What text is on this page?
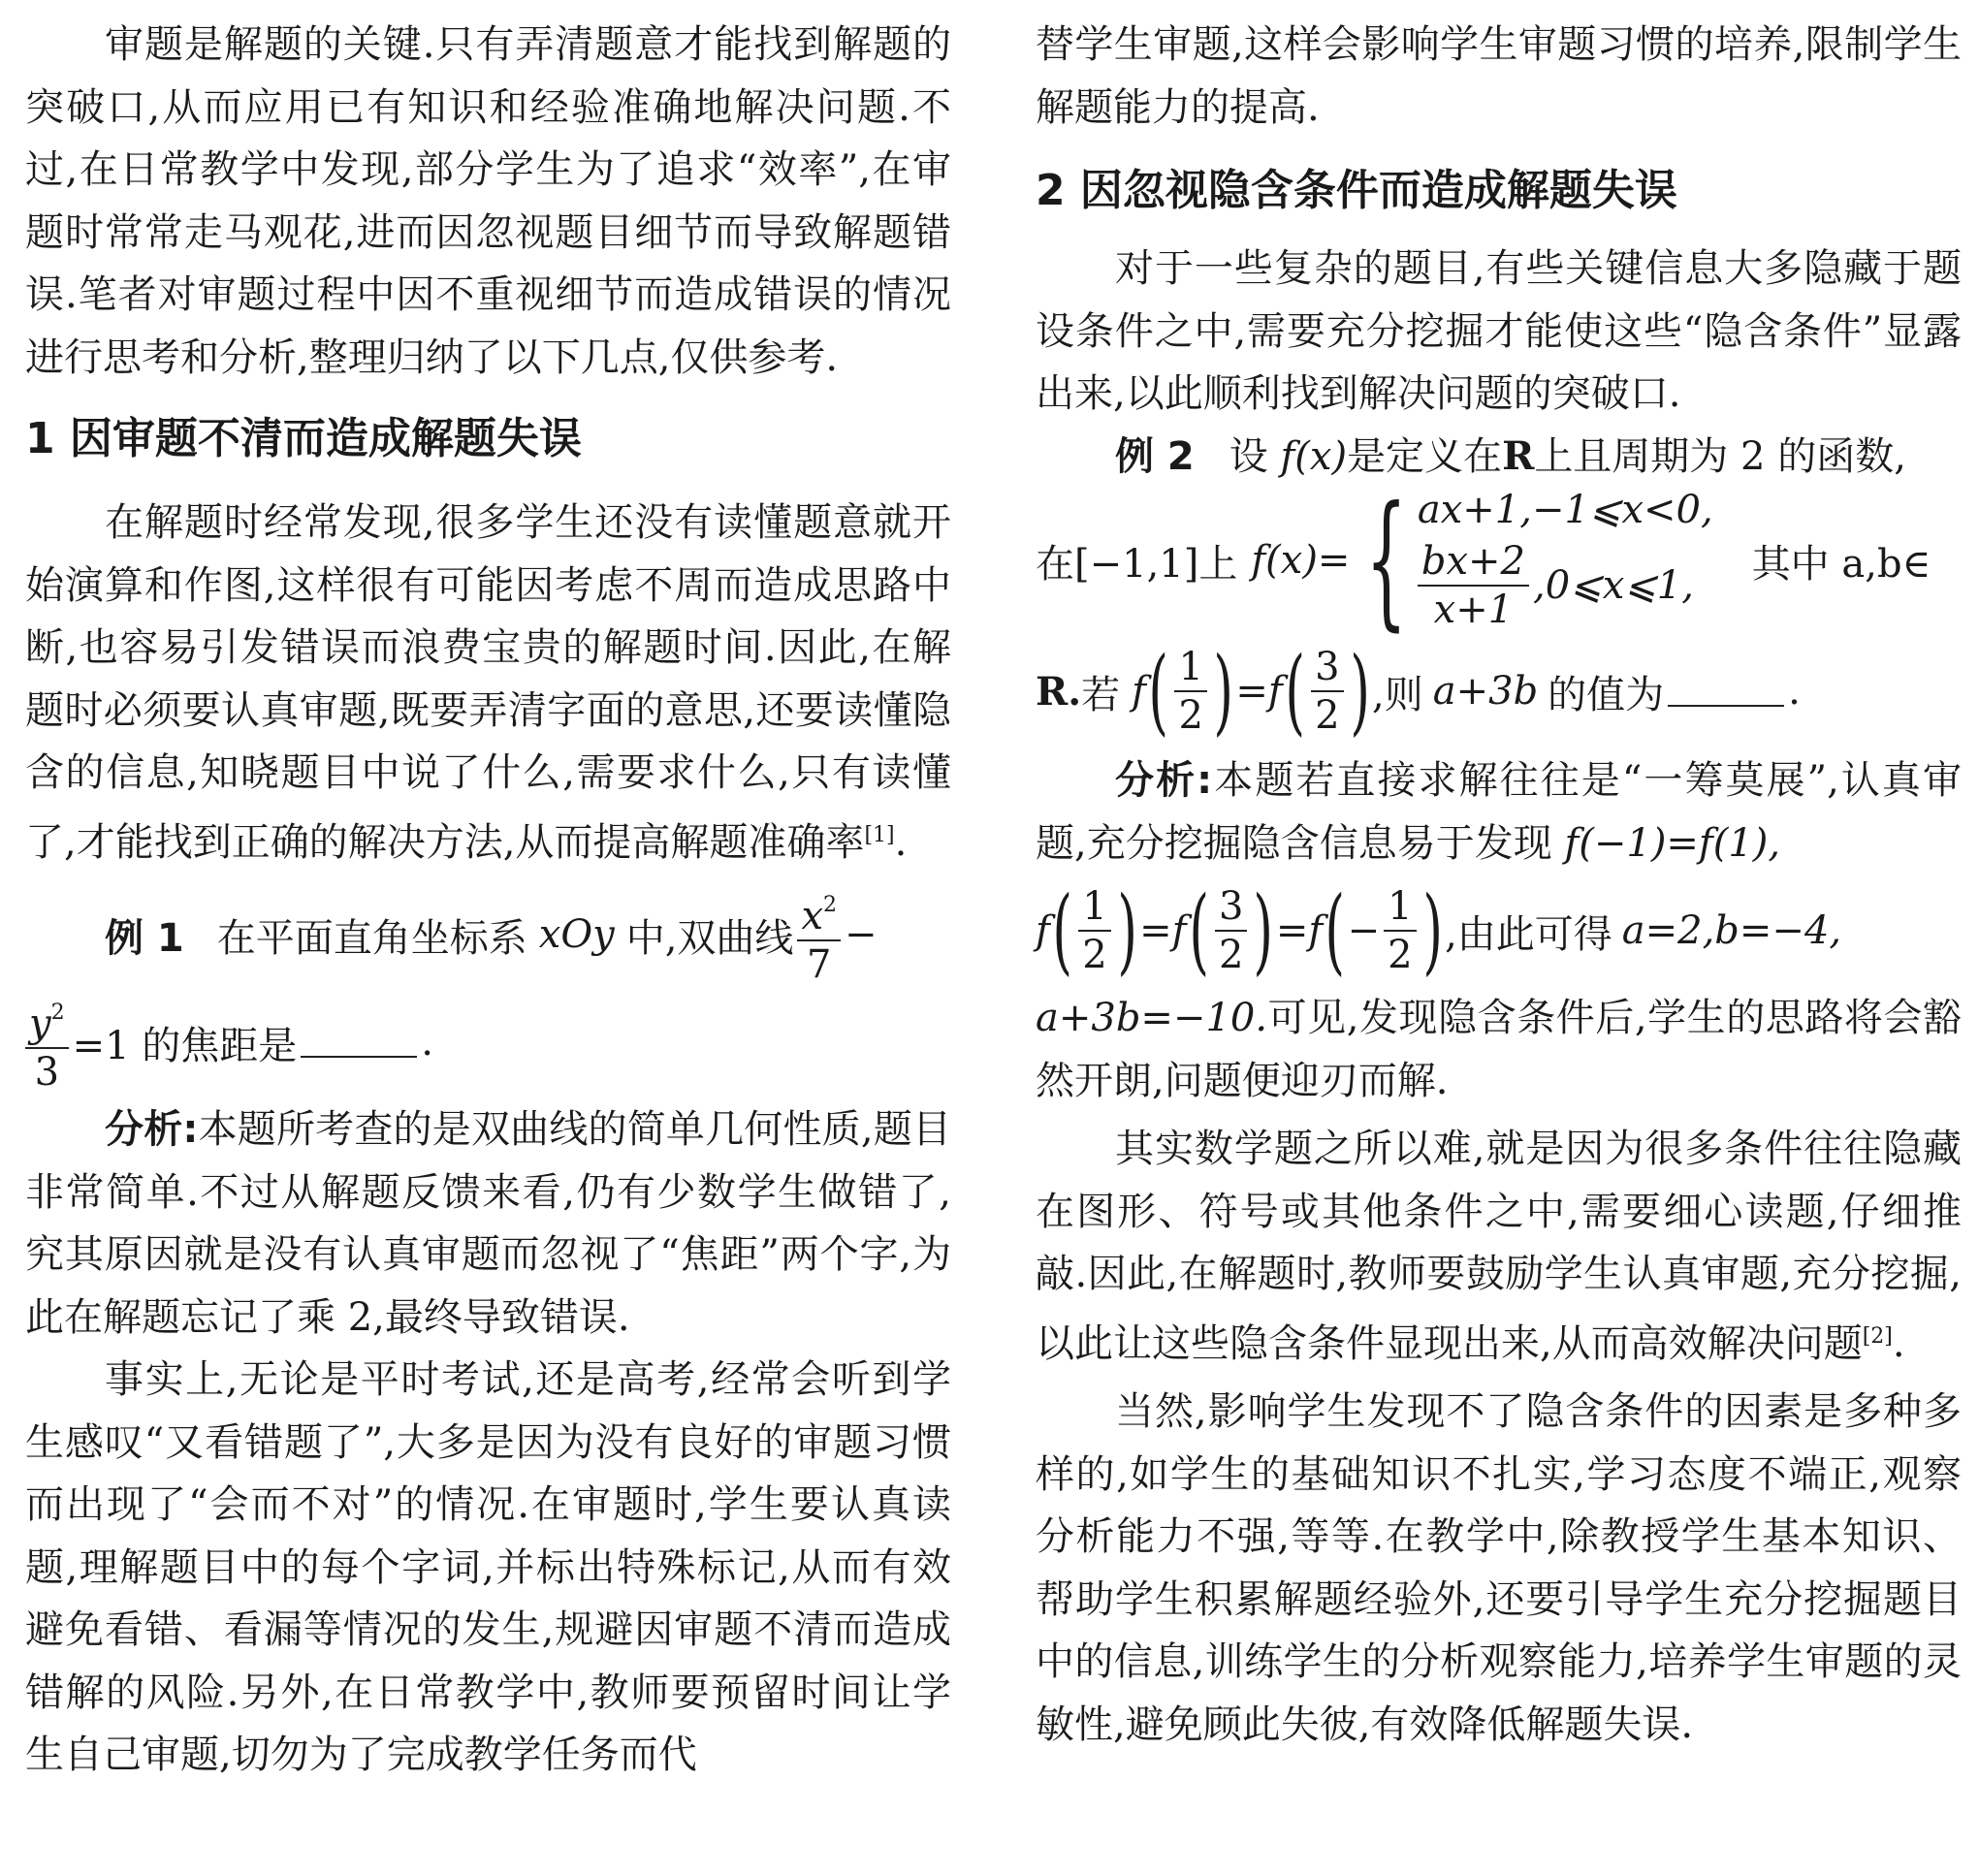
审题是解题的关键.只有弄清题意才能找到解题的突破口,从而应用已有知识和经验准确地解决问题.不过,在日常教学中发现,部分学生为了追求“效率”,在审题时常常走马观花,进而因忽视题目细节而导致解题错误.笔者对审题过程中因不重视细节而造成错误的情况进行思考和分析,整理归纳了以下几点,仅供参考.

1 因审题不清而造成解题失误

在解题时经常发现,很多学生还没有读懂题意就开始演算和作图,这样很有可能因考虑不周而造成思路中断,也容易引发错误而浪费宝贵的解题时间.因此,在解题时必须要认真审题,既要弄清字面的意思,还要读懂隐含的信息,知晓题目中说了什么,需要求什么,只有读懂了,才能找到正确的解决方法,从而提高解题准确率[1].

例 1 在平面直角坐标系 xOy 中,双曲线 $\frac{x^2}{7}$ −
$\frac{y^2}{3} =1$ 的焦距是	.

分析:本题所考查的是双曲线的简单几何性质,题目非常简单.不过从解题反馈来看,仍有少数学生做错了,究其原因就是没有认真审题而忽视了“焦距”两个字,为此在解题忘记了乘 2,最终导致错误.

事实上,无论是平时考试,还是高考,经常会听到学生感叹“又看错题了”,大多是因为没有良好的审题习惯而出现了“会而不对”的情况.在审题时,学生要认真读题,理解题目中的每个字词,并标出特殊标记,从而有效避免看错、看漏等情况的发生,规避因审题不清而造成错解的风险.另外,在日常教学中,教师要预留时间让学生自己审题,切勿为了完成教学任务而代

替学生审题,这样会影响学生审题习惯的培养,限制学生解题能力的提高.

2 因忽视隐含条件而造成解题失误

对于一些复杂的题目,有些关键信息大多隐藏于题设条件之中,需要充分挖掘才能使这些“隐含条件”显露出来,以此顺利找到解决问题的突破口.

例 2 设 f(x)是定义在R上且周期为 2 的函数,

在[−1,1]上 f(x) = { ax+1,−1⩽x<0,
$\frac{bx+2}{x+1}$ ,0⩽x⩽1, 其中 a,b∈
R. 若 f ( $\frac{1}{2}$ ) = f ( $\frac{3}{2}$ ) ,则 a+3b 的值为	.

分析:本题若直接求解往往是“一筹莫展”,认真审题,充分挖掘隐含信息易于发现 f(−1)=f(1),

f ( $\frac{1}{2}$ ) = f ( $\frac{3}{2}$ ) = f ( − $\frac{1}{2}$ ) ,由此可得 a=2,b=−4,

a+3b=−10.可见,发现隐含条件后,学生的思路将会豁然开朗,问题便迎刃而解.

其实数学题之所以难,就是因为很多条件往往隐藏在图形、符号或其他条件之中,需要细心读题,仔细推敲.因此,在解题时,教师要鼓励学生认真审题,充分挖掘,以此让这些隐含条件显现出来,从而高效解决问题[2].

当然,影响学生发现不了隐含条件的因素是多种多样的,如学生的基础知识不扎实,学习态度不端正,观察分析能力不强,等等.在教学中,除教授学生基本知识、帮助学生积累解题经验外,还要引导学生充分挖掘题目中的信息,训练学生的分析观察能力,培养学生审题的灵敏性,避免顾此失彼,有效降低解题失误.
